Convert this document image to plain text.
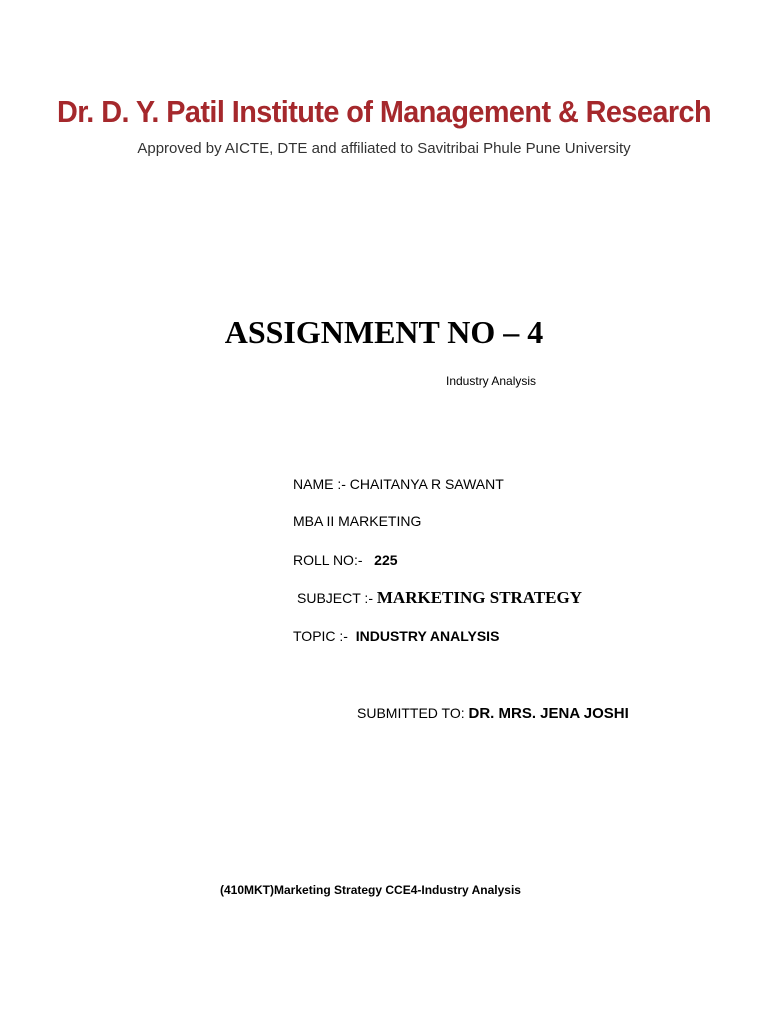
Dr. D. Y. Patil Institute of Management & Research
Approved by AICTE, DTE and affiliated to Savitribai Phule Pune University
ASSIGNMENT NO – 4
Industry Analysis
NAME :- CHAITANYA R SAWANT
MBA II MARKETING
ROLL NO:-   225
SUBJECT :- MARKETING STRATEGY
TOPIC :-  INDUSTRY ANALYSIS
SUBMITTED TO: DR. MRS. JENA JOSHI
(410MKT)Marketing Strategy CCE4-Industry Analysis
